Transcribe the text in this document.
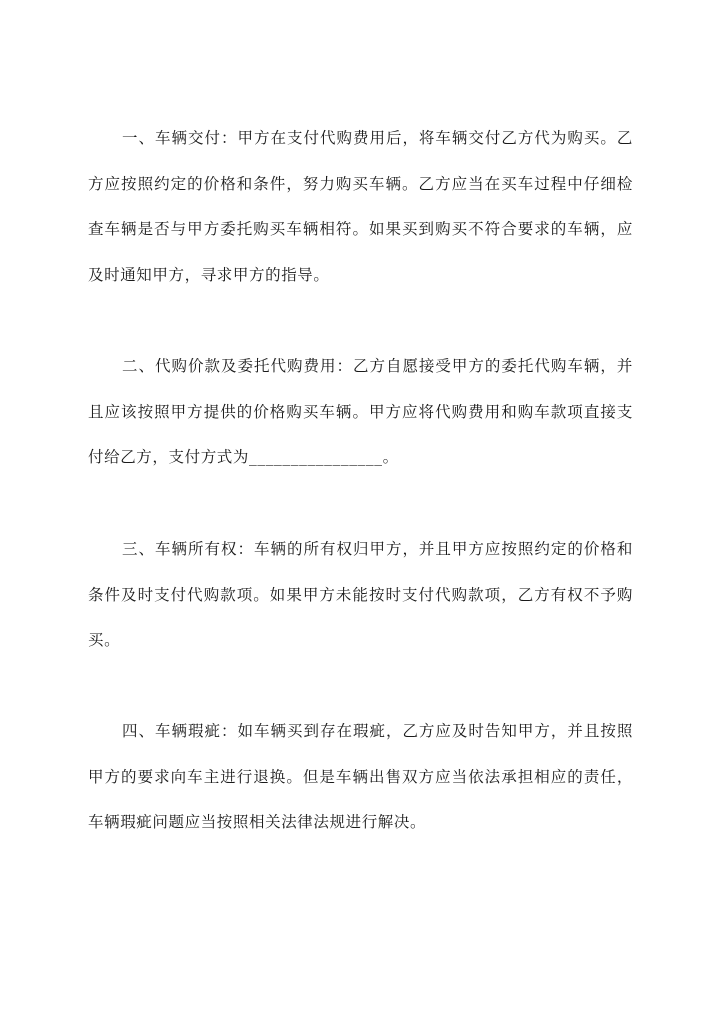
一、车辆交付：甲方在支付代购费用后，将车辆交付乙方代为购买。乙方应按照约定的价格和条件，努力购买车辆。乙方应当在买车过程中仔细检查车辆是否与甲方委托购买车辆相符。如果买到购买不符合要求的车辆，应及时通知甲方，寻求甲方的指导。

二、代购价款及委托代购费用：乙方自愿接受甲方的委托代购车辆，并且应该按照甲方提供的价格购买车辆。甲方应将代购费用和购车款项直接支付给乙方，支付方式为________________。

三、车辆所有权：车辆的所有权归甲方，并且甲方应按照约定的价格和条件及时支付代购款项。如果甲方未能按时支付代购款项，乙方有权不予购买。

四、车辆瑕疵：如车辆买到存在瑕疵，乙方应及时告知甲方，并且按照甲方的要求向车主进行退换。但是车辆出售双方应当依法承担相应的责任，车辆瑕疵问题应当按照相关法律法规进行解决。
